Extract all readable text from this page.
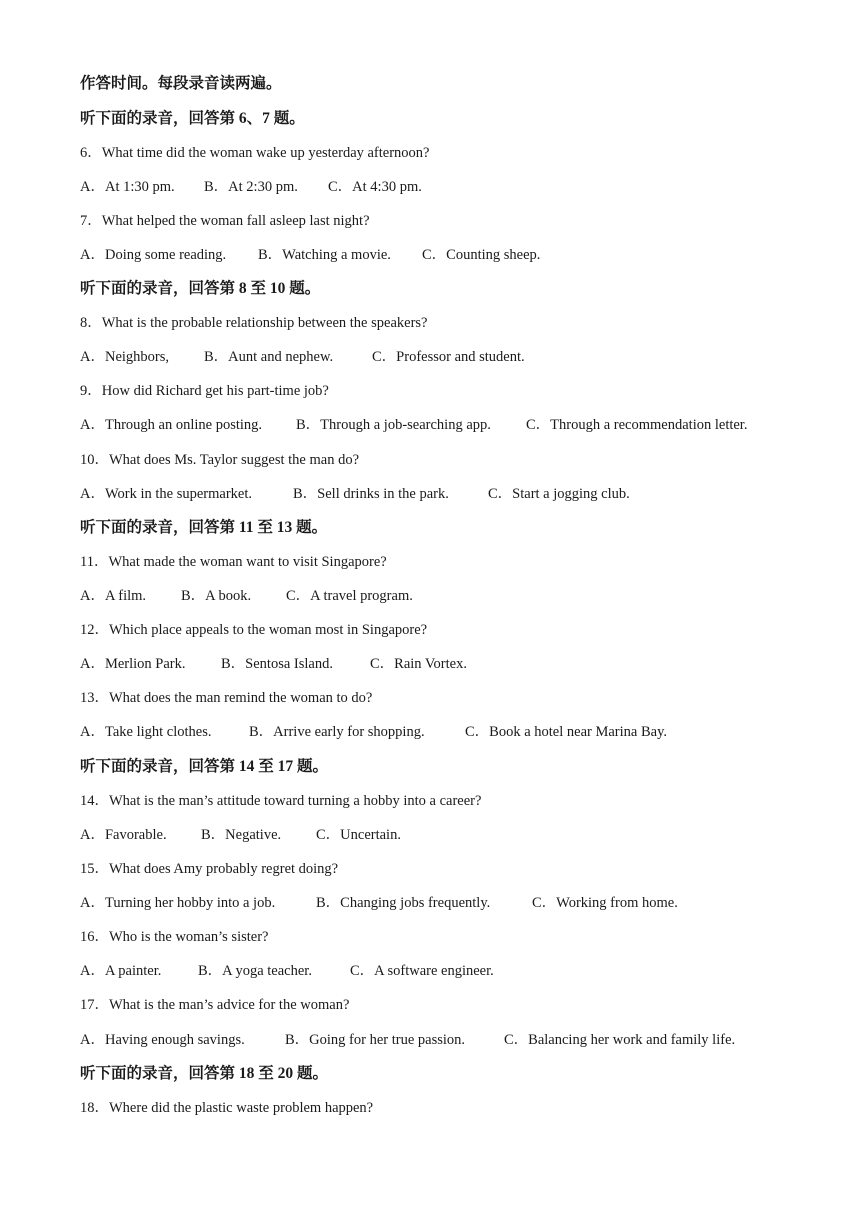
作答时间。每段录音读两遍。
听下面的录音，回答第 6、7 题。
6．What time did the woman wake up yesterday afternoon?
A．At 1:30 pm. B．At 2:30 pm. C．At 4:30 pm.
7．What helped the woman fall asleep last night?
A．Doing some reading. B．Watching a movie. C．Counting sheep.
听下面的录音，回答第 8 至 10 题。
8．What is the probable relationship between the speakers?
A．Neighbors, B．Aunt and nephew.	C．Professor and student.
9．How did Richard get his part-time job?
A．Through an online posting. B．Through a job-searching app. C．Through a recommendation letter.
10．What does Ms. Taylor suggest the man do?
A．Work in the supermarket.	B．Sell drinks in the park.	C．Start a jogging club.
听下面的录音，回答第 11 至 13 题。
11．What made the woman want to visit Singapore?
A．A film. B．A book. C．A travel program.
12．Which place appeals to the woman most in Singapore?
A．Merlion Park. B．Sentosa Island.	C．Rain Vortex.
13．What does the man remind the woman to do?
A．Take light clothes.	B．Arrive early for shopping.	C．Book a hotel near Marina Bay.
听下面的录音，回答第 14 至 17 题。
14．What is the man’s attitude toward turning a hobby into a career?
A．Favorable. B．Negative. C．Uncertain.
15．What does Amy probably regret doing?
A．Turning her hobby into a job.	B．Changing jobs frequently.	C．Working from home.
16．Who is the woman’s sister?
A．A painter.	B．A yoga teacher.	C．A software engineer.
17．What is the man’s advice for the woman?
A．Having enough savings.	B．Going for her true passion.	C．Balancing her work and family life.
听下面的录音，回答第 18 至 20 题。
18．Where did the plastic waste problem happen?
